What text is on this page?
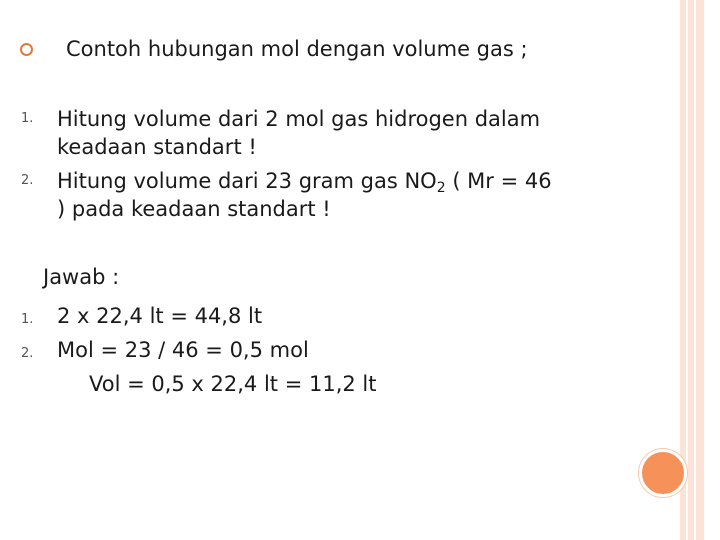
Contoh hubungan mol dengan volume gas ;
1.	Hitung volume dari 2 mol gas hidrogen dalam
keadaan standart !
2.	Hitung volume dari 23 gram gas $NO_2$ ( Mr = 46
) pada keadaan standart !
Jawab :
1.	2 x 22,4 lt = 44,8 lt
2.	Mol = 23 / 46 = 0,5 mol
Vol = 0,5 x 22,4 lt = 11,2 lt
